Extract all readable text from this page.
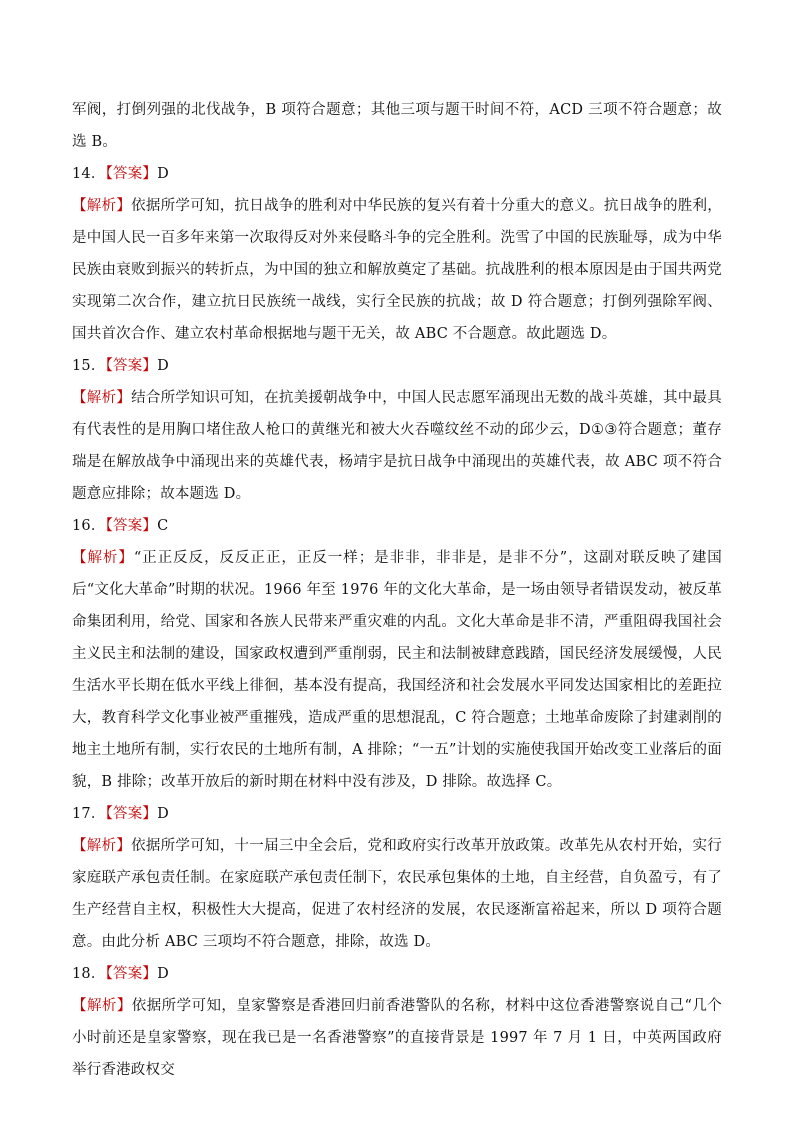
军阀，打倒列强的北伐战争，B 项符合题意；其他三项与题干时间不符，ACD 三项不符合题意；故选 B。

14．【答案】D

【解析】依据所学可知，抗日战争的胜利对中华民族的复兴有着十分重大的意义。抗日战争的胜利，是中国人民一百多年来第一次取得反对外来侵略斗争的完全胜利。洗雪了中国的民族耻辱，成为中华民族由衰败到振兴的转折点，为中国的独立和解放奠定了基础。抗战胜利的根本原因是由于国共两党实现第二次合作，建立抗日民族统一战线，实行全民族的抗战；故 D 符合题意；打倒列强除军阀、国共首次合作、建立农村革命根据地与题干无关，故 ABC 不合题意。故此题选 D。

15．【答案】D

【解析】结合所学知识可知，在抗美援朝战争中，中国人民志愿军涌现出无数的战斗英雄，其中最具有代表性的是用胸口堵住敌人枪口的黄继光和被大火吞噬纹丝不动的邱少云，D①③符合题意；董存瑞是在解放战争中涌现出来的英雄代表，杨靖宇是抗日战争中涌现出的英雄代表，故 ABC 项不符合题意应排除；故本题选 D。

16．【答案】C

【解析】“正正反反，反反正正，正反一样；是非非，非非是，是非不分”，这副对联反映了建国后“文化大革命”时期的状况。1966 年至 1976 年的文化大革命，是一场由领导者错误发动，被反革命集团利用，给党、国家和各族人民带来严重灾难的内乱。文化大革命是非不清，严重阻碍我国社会主义民主和法制的建设，国家政权遭到严重削弱，民主和法制被肆意践踏，国民经济发展缓慢，人民生活水平长期在低水平线上徘徊，基本没有提高，我国经济和社会发展水平同发达国家相比的差距拉大，教育科学文化事业被严重摧残，造成严重的思想混乱，C 符合题意；土地革命废除了封建剥削的地主土地所有制，实行农民的土地所有制，A 排除；“一五”计划的实施使我国开始改变工业落后的面貌，B 排除；改革开放后的新时期在材料中没有涉及，D 排除。故选择 C。

17．【答案】D

【解析】依据所学可知，十一届三中全会后，党和政府实行改革开放政策。改革先从农村开始，实行家庭联产承包责任制。在家庭联产承包责任制下，农民承包集体的土地，自主经营，自负盈亏，有了生产经营自主权，积极性大大提高，促进了农村经济的发展，农民逐渐富裕起来，所以 D 项符合题意。由此分析 ABC 三项均不符合题意，排除，故选 D。

18．【答案】D

【解析】依据所学可知，皇家警察是香港回归前香港警队的名称，材料中这位香港警察说自己“几个小时前还是皇家警察，现在我已是一名香港警察”的直接背景是 1997 年 7 月 1 日，中英两国政府举行香港政权交
